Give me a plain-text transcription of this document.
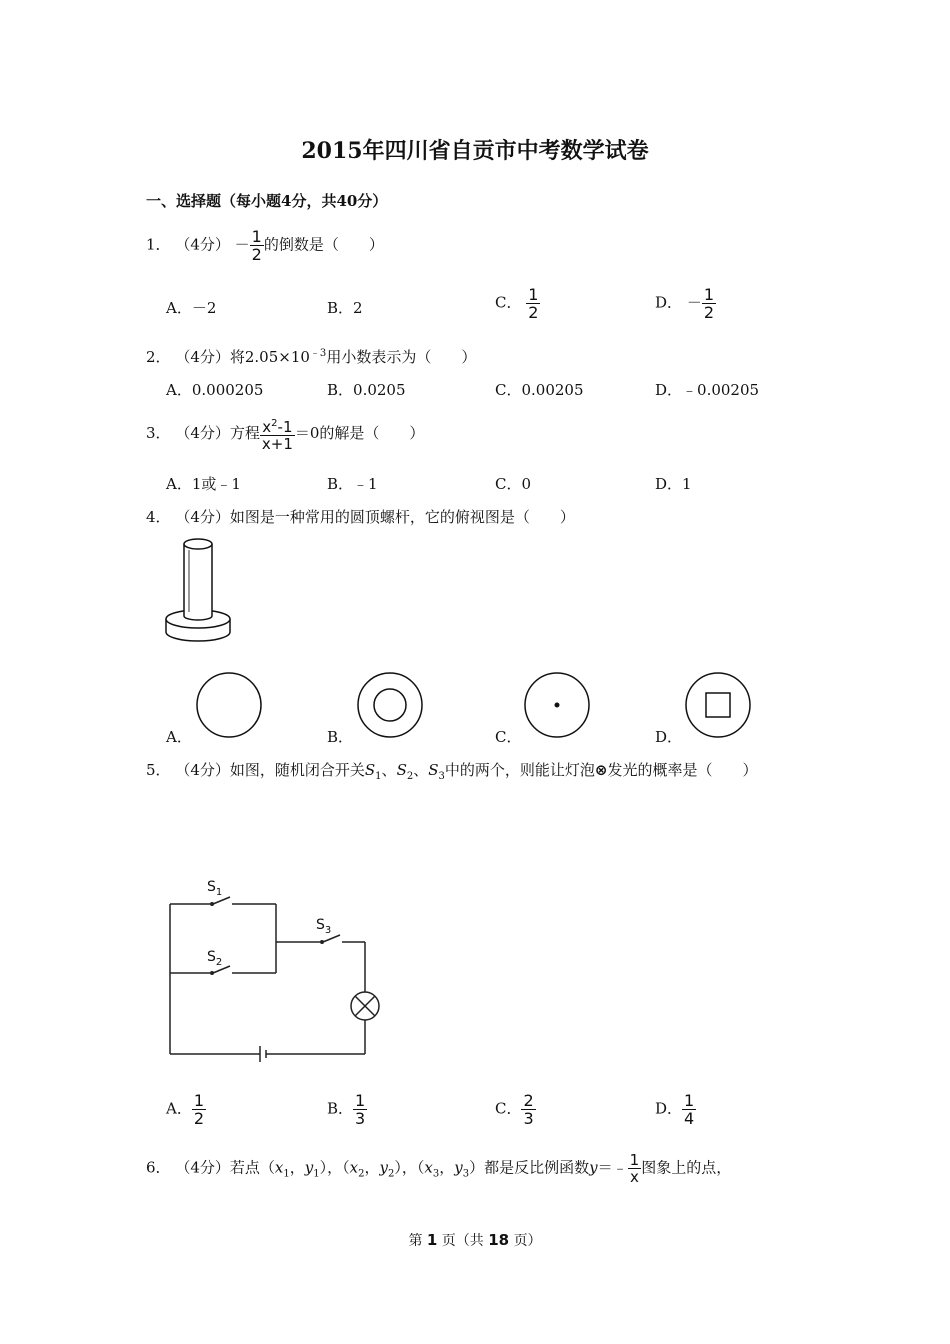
2015年四川省自贡市中考数学试卷
一、选择题（每小题4分，共40分）
1． （4分） － $\frac{1}{2}$ 的倒数是（　　）
A．－2	B．2	C． $\frac{1}{2}$	D． － $\frac{1}{2}$
2． （4分）将$2.05\times 10^{﹣3}$用小数表示为（　　）
A．0.000205	B．0.0205	C．0.00205	D．﹣0.00205
3． （4分）方程 $\frac{x^2-1}{x+1} =0$的解是（　　）
A．1或﹣1	B．﹣1	C．0	D．1
4． （4分）如图是一种常用的圆顶螺杆，它的俯视图是（　　）
A．	B．	C．	D．
5． （4分）如图，随机闭合开关$S_1$、$S_2$、$S_3$中的两个，则能让灯泡⊗发光的概率是（　　）
$S_1$
$S_2$
$S_3$
A． $\frac{1}{2}$	B． $\frac{1}{3}$	C． $\frac{2}{3}$	D． $\frac{1}{4}$
6． （4分）若点（$x_1$，$y_1$），（$x_2$，$y_2$），（$x_3$，$y_3$）都是反比例函数y＝﹣ $\frac{1}{x}$ 图象上的点，
第 1 页（共 18 页）
